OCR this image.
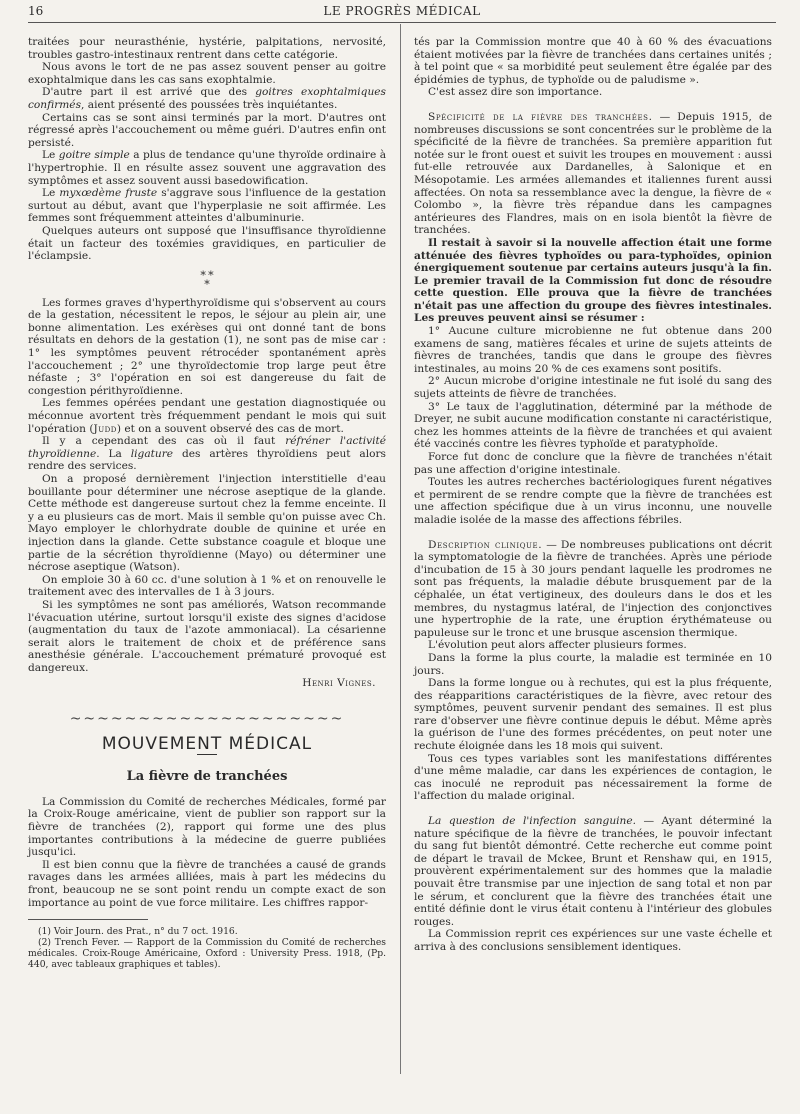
16	LE PROGRÈS MÉDICAL

traitées pour neurasthénie, hystérie, palpitations, nervosité, troubles gastro-intestinaux rentrent dans cette catégorie.

Nous avons le tort de ne pas assez souvent penser au goitre exophtalmique dans les cas sans exophtalmie.

D'autre part il est arrivé que des goitres exophtalmiques confirmés, aient présenté des poussées très inquiétantes.

Certains cas se sont ainsi terminés par la mort. D'autres ont régressé après l'accouchement ou même guéri. D'autres enfin ont persisté.

Le goitre simple a plus de tendance qu'une thyroïde ordinaire à l'hypertrophie. Il en résulte assez souvent une aggravation des symptômes et assez souvent aussi basedowification.

Le myxœdème fruste s'aggrave sous l'influence de la gestation surtout au début, avant que l'hyperplasie ne soit affirmée. Les femmes sont fréquemment atteintes d'albuminurie.

Quelques auteurs ont supposé que l'insuffisance thyroïdienne était un facteur des toxémies gravidiques, en particulier de l'éclampsie.

* *
*

Les formes graves d'hyperthyroïdisme qui s'observent au cours de la gestation, nécessitent le repos, le séjour au plein air, une bonne alimentation. Les exérèses qui ont donné tant de bons résultats en dehors de la gestation (1), ne sont pas de mise car : 1° les symptômes peuvent rétrocéder spontanément après l'accouchement ; 2° une thyroïdectomie trop large peut être néfaste ; 3° l'opération en soi est dangereuse du fait de congestion périthyroïdienne.

Les femmes opérées pendant une gestation diagnostiquée ou méconnue avortent très fréquemment pendant le mois qui suit l'opération (Judd) et on a souvent observé des cas de mort.

Il y a cependant des cas où il faut réfréner l'activité thyroïdienne. La ligature des artères thyroïdiens peut alors rendre des services.

On a proposé dernièrement l'injection interstitielle d'eau bouillante pour déterminer une nécrose aseptique de la glande. Cette méthode est dangereuse surtout chez la femme enceinte. Il y a eu plusieurs cas de mort. Mais il semble qu'on puisse avec Ch. Mayo employer le chlorhydrate double de quinine et urée en injection dans la glande. Cette substance coagule et bloque une partie de la sécrétion thyroïdienne (Mayo) ou déterminer une nécrose aseptique (Watson).

On emploie 30 à 60 cc. d'une solution à 1 % et on renouvelle le traitement avec des intervalles de 1 à 3 jours.

Si les symptômes ne sont pas améliorés, Watson recommande l'évacuation utérine, surtout lorsqu'il existe des signes d'acidose (augmentation du taux de l'azote ammoniacal). La césarienne serait alors le traitement de choix et de préférence sans anesthésie générale. L'accouchement prématuré provoqué est dangereux.

Henri Vignes.
~~~~~~~~~~~~~~~~~~~~
MOUVEMENT MÉDICAL
La fièvre de tranchées

La Commission du Comité de recherches Médicales, formé par la Croix-Rouge américaine, vient de publier son rapport sur la fièvre de tranchées (2), rapport qui forme une des plus importantes contributions à la médecine de guerre publiées jusqu'ici.

Il est bien connu que la fièvre de tranchées a causé de grands ravages dans les armées alliées, mais à part les médecins du front, beaucoup ne se sont point rendu un compte exact de son importance au point de vue force militaire. Les chiffres rappor-

(1) Voir Journ. des Prat., n° du 7 oct. 1916.

(2) Trench Fever. — Rapport de la Commission du Comité de recherches médicales. Croix-Rouge Américaine, Oxford : University Press. 1918, (Pp. 440, avec tableaux graphiques et tables).

tés par la Commission montre que 40 à 60 % des évacuations étaient motivées par la fièvre de tranchées dans certaines unités ; à tel point que « sa morbidité peut seulement être égalée par des épidémies de typhus, de typhoïde ou de paludisme ».

C'est assez dire son importance.

Spécificité de la fièvre des tranchées. — Depuis 1915, de nombreuses discussions se sont concentrées sur le problème de la spécificité de la fièvre de tranchées. Sa première apparition fut notée sur le front ouest et suivit les troupes en mouvement : aussi fut-elle retrouvée aux Dardanelles, à Salonique et en Mésopotamie. Les armées allemandes et italiennes furent aussi affectées. On nota sa ressemblance avec la dengue, la fièvre de « Colombo », la fièvre très répandue dans les campagnes antérieures des Flandres, mais on en isola bientôt la fièvre de tranchées.

Il restait à savoir si la nouvelle affection était une forme atténuée des fièvres typhoïdes ou para-typhoïdes, opinion énergiquement soutenue par certains auteurs jusqu'à la fin. Le premier travail de la Commission fut donc de résoudre cette question. Elle prouva que la fièvre de tranchées n'était pas une affection du groupe des fièvres intestinales. Les preuves peuvent ainsi se résumer :

1° Aucune culture microbienne ne fut obtenue dans 200 examens de sang, matières fécales et urine de sujets atteints de fièvres de tranchées, tandis que dans le groupe des fièvres intestinales, au moins 20 % de ces examens sont positifs.

2° Aucun microbe d'origine intestinale ne fut isolé du sang des sujets atteints de fièvre de tranchées.

3° Le taux de l'agglutination, déterminé par la méthode de Dreyer, ne subit aucune modification constante ni caractéristique, chez les hommes atteints de la fièvre de tranchées et qui avaient été vaccinés contre les fièvres typhoïde et paratyphoïde.

Force fut donc de conclure que la fièvre de tranchées n'était pas une affection d'origine intestinale.

Toutes les autres recherches bactériologiques furent négatives et permirent de se rendre compte que la fièvre de tranchées est une affection spécifique due à un virus inconnu, une nouvelle maladie isolée de la masse des affections fébriles.

Description clinique. — De nombreuses publications ont décrit la symptomatologie de la fièvre de tranchées. Après une période d'incubation de 15 à 30 jours pendant laquelle les prodromes ne sont pas fréquents, la maladie débute brusquement par de la céphalée, un état vertigineux, des douleurs dans le dos et les membres, du nystagmus latéral, de l'injection des conjonctives une hypertrophie de la rate, une éruption érythémateuse ou papuleuse sur le tronc et une brusque ascension thermique.

L'évolution peut alors affecter plusieurs formes.

Dans la forme la plus courte, la maladie est terminée en 10 jours.

Dans la forme longue ou à rechutes, qui est la plus fréquente, des réapparitions caractéristiques de la fièvre, avec retour des symptômes, peuvent survenir pendant des semaines. Il est plus rare d'observer une fièvre continue depuis le début. Même après la guérison de l'une des formes précédentes, on peut noter une rechute éloignée dans les 18 mois qui suivent.

Tous ces types variables sont les manifestations différentes d'une même maladie, car dans les expériences de contagion, le cas inoculé ne reproduit pas nécessairement la forme de l'affection du malade original.

La question de l'infection sanguine. — Ayant déterminé la nature spécifique de la fièvre de tranchées, le pouvoir infectant du sang fut bientôt démontré. Cette recherche eut comme point de départ le travail de Mckee, Brunt et Renshaw qui, en 1915, prouvèrent expérimentalement sur des hommes que la maladie pouvait être transmise par une injection de sang total et non par le sérum, et conclurent que la fièvre des tranchées était une entité définie dont le virus était contenu à l'intérieur des globules rouges.

La Commission reprit ces expériences sur une vaste échelle et arriva à des conclusions sensiblement identiques.
